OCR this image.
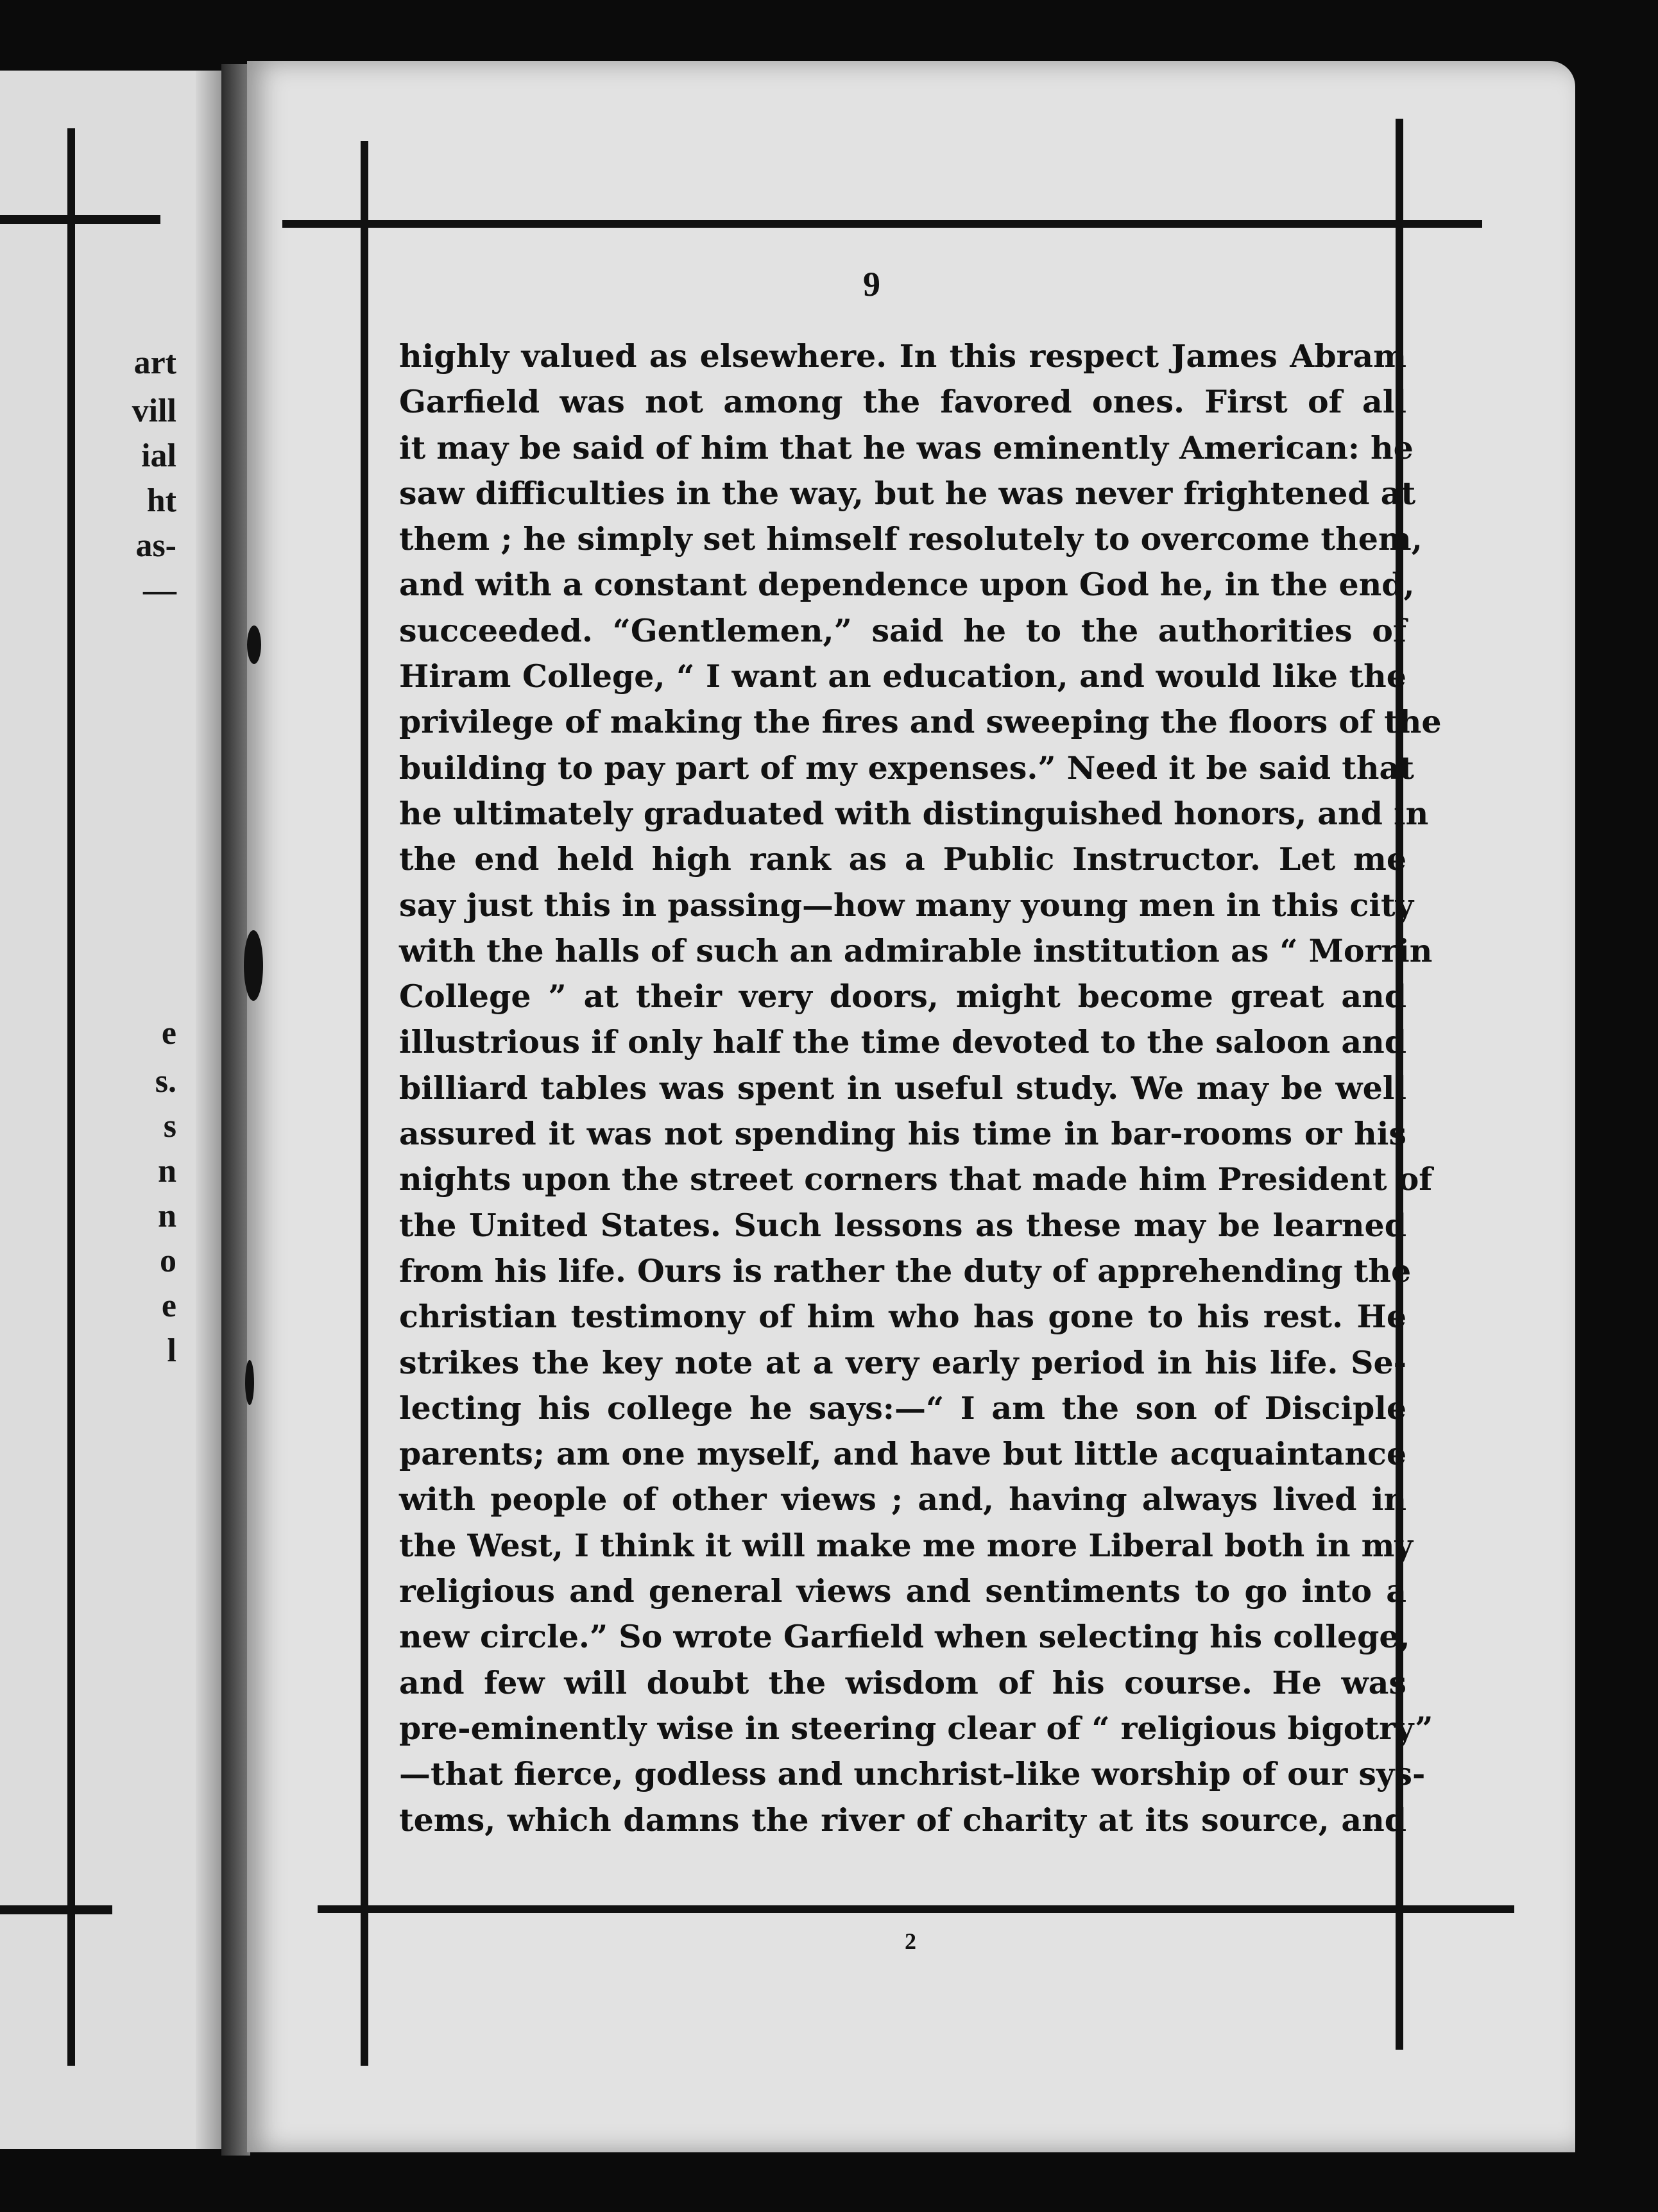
art
vill
ial
ht
as-
—
e
s.
s
n
n
o
e
l
9
highly valued as elsewhere. In this respect James Abram
Garfield was not among the favored ones. First of all
it may be said of him that he was eminently American: he
saw difficulties in the way, but he was never frightened at
them ; he simply set himself resolutely to overcome them,
and with a constant dependence upon God he, in the end,
succeeded. “Gentlemen,” said he to the authorities of
Hiram College, “ I want an education, and would like the
privilege of making the fires and sweeping the floors of the
building to pay part of my expenses.” Need it be said that
he ultimately graduated with distinguished honors, and in
the end held high rank as a Public Instructor. Let me
say just this in passing—how many young men in this city
with the halls of such an admirable institution as “ Morrin
College ” at their very doors, might become great and
illustrious if only half the time devoted to the saloon and
billiard tables was spent in useful study. We may be well
assured it was not spending his time in bar-rooms or his
nights upon the street corners that made him President of
the United States. Such lessons as these may be learned
from his life. Ours is rather the duty of apprehending the
christian testimony of him who has gone to his rest. He
strikes the key note at a very early period in his life. Se-
lecting his college he says:—“ I am the son of Disciple
parents; am one myself, and have but little acquaintance
with people of other views ; and, having always lived in
the West, I think it will make me more Liberal both in my
religious and general views and sentiments to go into a
new circle.” So wrote Garfield when selecting his college,
and few will doubt the wisdom of his course. He was
pre-eminently wise in steering clear of “ religious bigotry”
—that fierce, godless and unchrist-like worship of our sys-
tems, which damns the river of charity at its source, and
2
